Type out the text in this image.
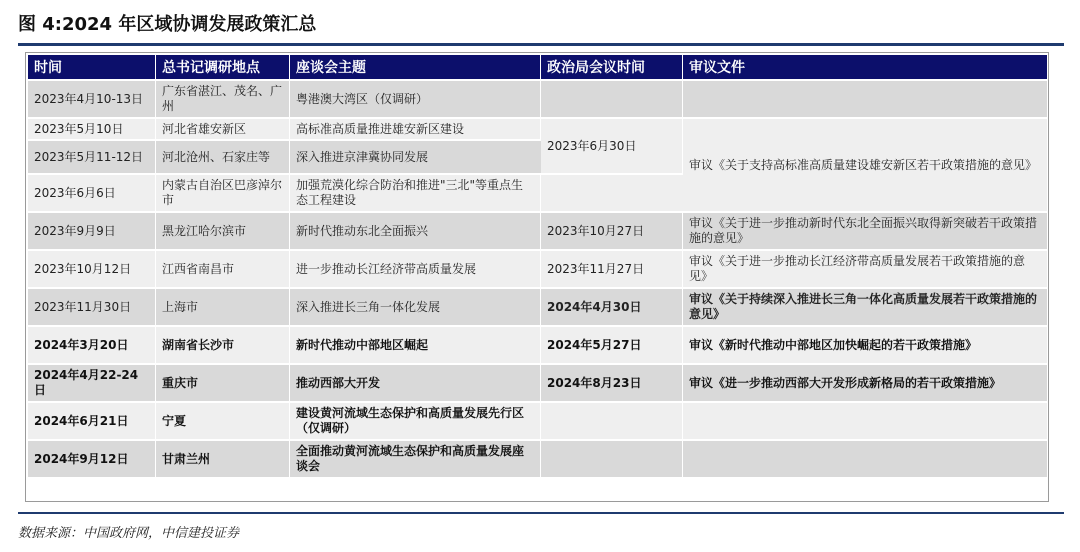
图 4:2024 年区域协调发展政策汇总
时间	总书记调研地点	座谈会主题	政治局会议时间	审议文件
2023年4月10-13日	广东省湛江、茂名、广州	粤港澳大湾区（仅调研）		
2023年5月10日	河北省雄安新区	高标准高质量推进雄安新区建设	2023年6月30日	审议《关于支持高标准高质量建设雄安新区若干政策措施的意见》
2023年5月11-12日	河北沧州、石家庄等	深入推进京津冀协同发展		
2023年6月6日	内蒙古自治区巴彦淖尔市	加强荒漠化综合防治和推进"三北"等重点生态工程建设		
2023年9月9日	黑龙江哈尔滨市	新时代推动东北全面振兴	2023年10月27日	审议《关于进一步推动新时代东北全面振兴取得新突破若干政策措施的意见》
2023年10月12日	江西省南昌市	进一步推动长江经济带高质量发展	2023年11月27日	审议《关于进一步推动长江经济带高质量发展若干政策措施的意见》
2023年11月30日	上海市	深入推进长三角一体化发展	2024年4月30日	审议《关于持续深入推进长三角一体化高质量发展若干政策措施的意见》
2024年3月20日	湖南省长沙市	新时代推动中部地区崛起	2024年5月27日	审议《新时代推动中部地区加快崛起的若干政策措施》
2024年4月22-24日	重庆市	推动西部大开发	2024年8月23日	审议《进一步推动西部大开发形成新格局的若干政策措施》
2024年6月21日	宁夏	建设黄河流域生态保护和高质量发展先行区（仅调研）		
2024年9月12日	甘肃兰州	全面推动黄河流域生态保护和高质量发展座谈会		
数据来源：中国政府网，中信建投证券
